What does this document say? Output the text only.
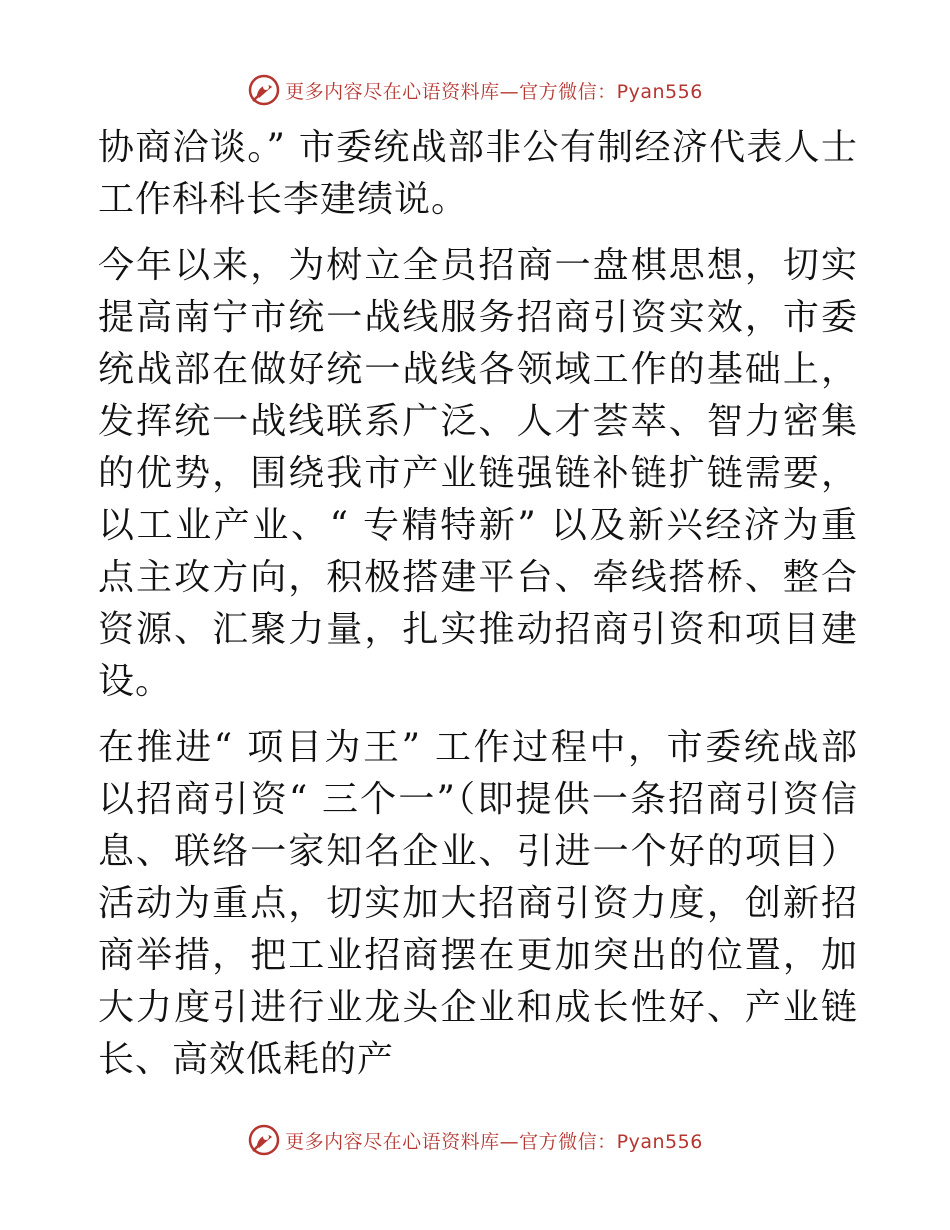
更多内容尽在心语资料库—官方微信：Pyan556

协商洽谈。” 市委统战部非公有制经济代表人士工作科科长李建绩说。

今年以来，为树立全员招商一盘棋思想，切实提高南宁市统一战线服务招商引资实效，市委统战部在做好统一战线各领域工作的基础上，发挥统一战线联系广泛、人才荟萃、智力密集的优势，围绕我市产业链强链补链扩链需要，以工业产业、“ 专精特新” 以及新兴经济为重点主攻方向，积极搭建平台、牵线搭桥、整合资源、汇聚力量，扎实推动招商引资和项目建设。

在推进“ 项目为王” 工作过程中，市委统战部以招商引资“ 三个一”（即提供一条招商引资信息、联络一家知名企业、引进一个好的项目）活动为重点，切实加大招商引资力度，创新招商举措，把工业招商摆在更加突出的位置，加大力度引进行业龙头企业和成长性好、产业链长、高效低耗的产

更多内容尽在心语资料库—官方微信：Pyan556
